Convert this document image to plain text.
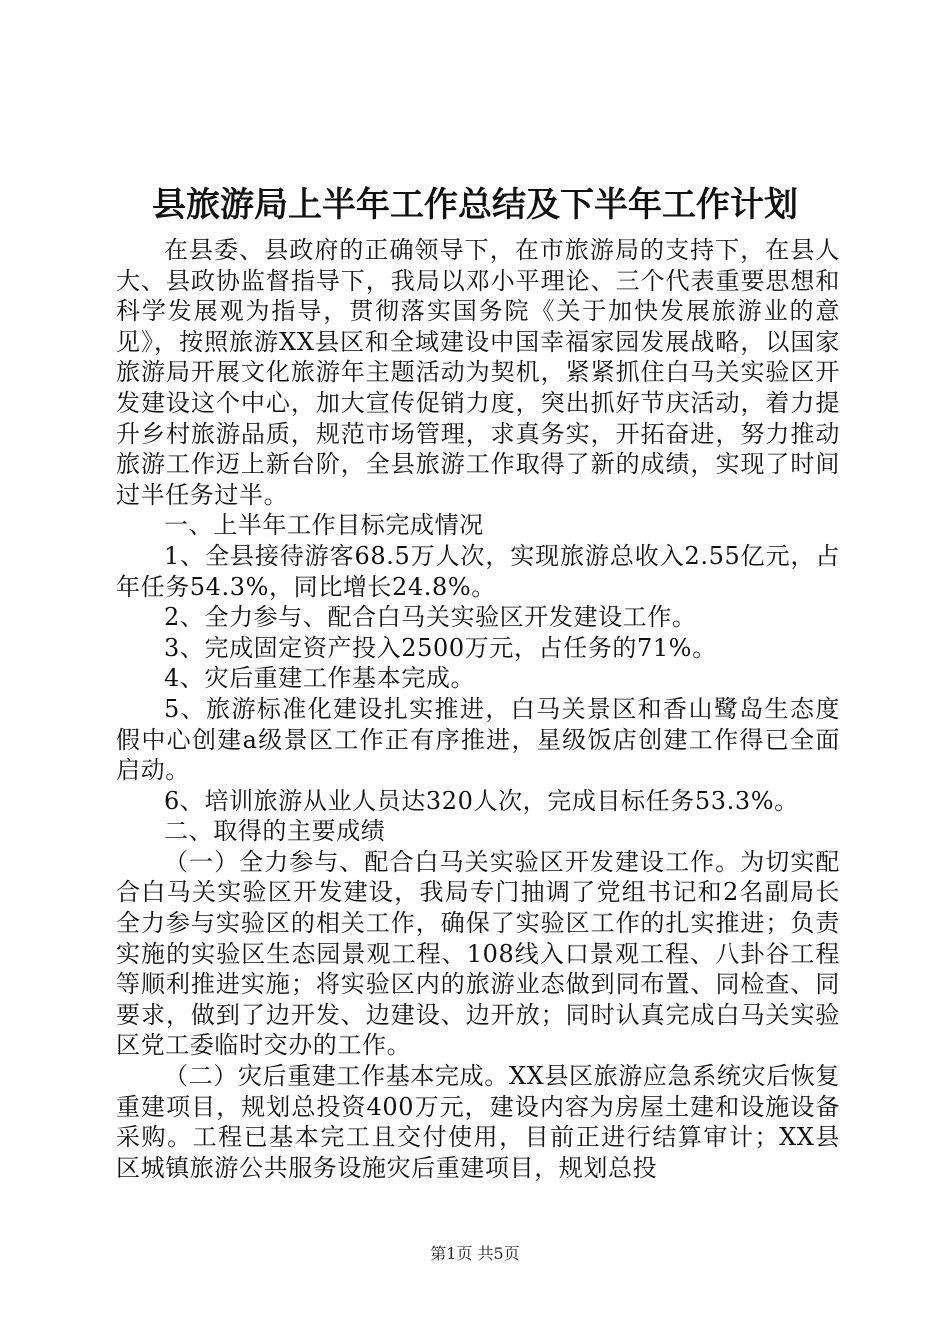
县旅游局上半年工作总结及下半年工作计划

在县委、县政府的正确领导下，在市旅游局的支持下，在县人大、县政协监督指导下，我局以邓小平理论、三个代表重要思想和科学发展观为指导，贯彻落实国务院《关于加快发展旅游业的意见》，按照旅游XX县区和全域建设中国幸福家园发展战略，以国家旅游局开展文化旅游年主题活动为契机，紧紧抓住白马关实验区开发建设这个中心，加大宣传促销力度，突出抓好节庆活动，着力提升乡村旅游品质，规范市场管理，求真务实，开拓奋进，努力推动旅游工作迈上新台阶，全县旅游工作取得了新的成绩，实现了时间过半任务过半。

一、上半年工作目标完成情况

1、全县接待游客68.5万人次，实现旅游总收入2.55亿元，占年任务54.3%，同比增长24.8%。

2、全力参与、配合白马关实验区开发建设工作。

3、完成固定资产投入2500万元，占任务的71%。

4、灾后重建工作基本完成。

5、旅游标准化建设扎实推进，白马关景区和香山鹭岛生态度假中心创建a级景区工作正有序推进，星级饭店创建工作得已全面启动。

6、培训旅游从业人员达320人次，完成目标任务53.3%。

二、取得的主要成绩

（一）全力参与、配合白马关实验区开发建设工作。为切实配合白马关实验区开发建设，我局专门抽调了党组书记和2名副局长全力参与实验区的相关工作，确保了实验区工作的扎实推进；负责实施的实验区生态园景观工程、108线入口景观工程、八卦谷工程等顺利推进实施；将实验区内的旅游业态做到同布置、同检查、同要求，做到了边开发、边建设、边开放；同时认真完成白马关实验区党工委临时交办的工作。

（二）灾后重建工作基本完成。XX县区旅游应急系统灾后恢复重建项目，规划总投资400万元，建设内容为房屋土建和设施设备采购。工程已基本完工且交付使用，目前正进行结算审计；XX县区城镇旅游公共服务设施灾后重建项目，规划总投

第1页 共5页
